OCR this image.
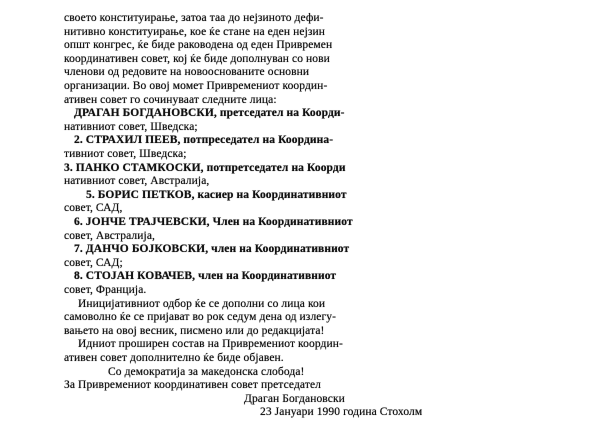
своето конституирање, затоа таа до нејзиното дефи-
нитивно конституирање, кое ќе стане на еден нејзин
општ конгрес, ќе биде раководена од еден Привремен
координативен совет, кој ќе биде дополнуван со нови
членови од редовите на новооснованите основни
организации. Во овој момет Привремениот координ-
ативен совет го сочинуваат следните лица:
ДРАГАН БОГДАНОВСКИ, претседател на Коорди-
нативниот совет, Шведска;
2. СТРАХИЛ ПЕЕВ, потпреседател на Координа-
тивниот совет, Шведска;
3. ПАНКО СТАМКОСКИ, потпретседател на Коорди
нативниот совет, Австралија,
5. БОРИС ПЕТКОВ, касиер на Координативниот
совет, САД,
6. ЈОНЧЕ ТРАЈЧЕВСКИ, Член на Координативниот
совет, Австралија,
7. ДАНЧО БОЈКОВСКИ, член на Координативниот
совет, САД;
8. СТОЈАН КОВАЧЕВ, член на Координативниот
совет, Франција.
Иницијативниот одбор ќе се дополни со лица кои
самоволно ќе се пријават во рок седум дена од излегу-
вањето на овој весник, писмено или до редакцијата!
Идниот проширен состав на Привремениот координ-
ативен совет дополнително ќе биде објавен.
Со демократија за македонска слобода!
За Привремениот координативен совет претседател
Драган Богдановски
23 Јануари 1990 година Стохолм
